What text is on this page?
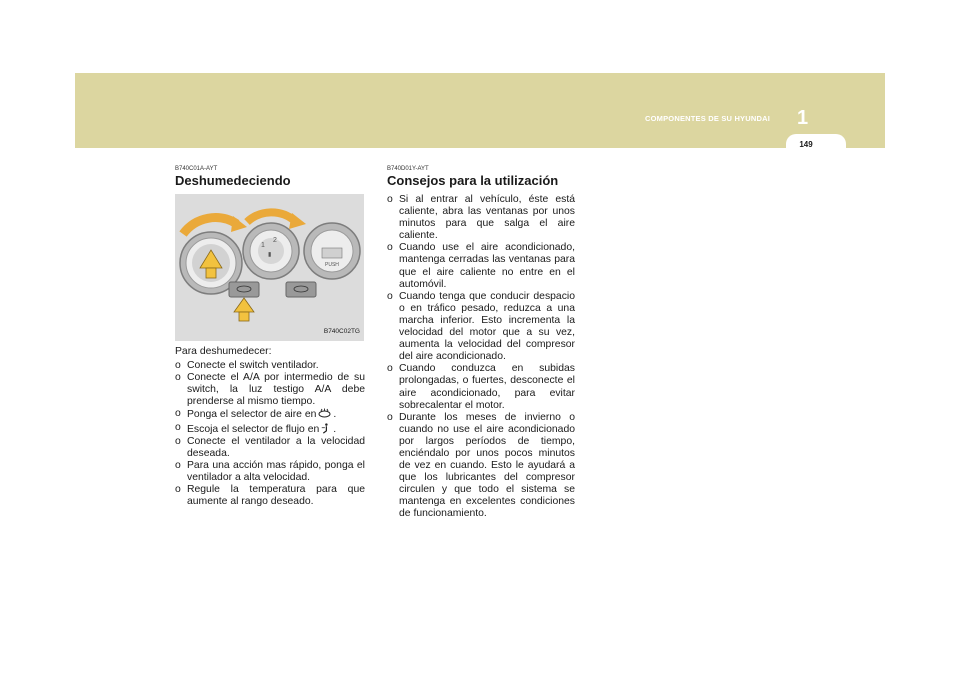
COMPONENTES DE SU HYUNDAI 1
149
B740C01A-AYT
Deshumedeciendo
1
2
▮
PUSH
B740C02TG
Para deshumedecer:
o Conecte el switch ventilador.
o Conecte el A/A por intermedio de su switch, la luz testigo A/A debe prenderse al mismo tiempo.
o Ponga el selector de aire en .
o Escoja el selector de flujo en .
o Conecte el ventilador a la velocidad deseada.
o Para una acción mas rápido, ponga el ventilador a alta velocidad.
o Regule la temperatura para que aumente al rango deseado.
B740D01Y-AYT
Consejos para la utilización
o Si al entrar al vehículo, éste está caliente, abra las ventanas por unos minutos para que salga el aire caliente.
o Cuando use el aire acondicionado, mantenga cerradas las ventanas para que el aire caliente no entre en el automóvil.
o Cuando tenga que conducir despacio o en tráfico pesado, reduzca a una marcha inferior. Esto incrementa la velocidad del motor que a su vez, aumenta la velocidad del compresor del aire acondicionado.
o Cuando conduzca en subidas prolongadas, o fuertes, desconecte el aire acondicionado, para evitar sobrecalentar el motor.
o Durante los meses de invierno o cuando no use el aire acondicionado por largos períodos de tiempo, enciéndalo por unos pocos minutos de vez en cuando. Esto le ayudará a que los lubricantes del compresor circulen y que todo el sistema se mantenga en excelentes condiciones de funcionamiento.
